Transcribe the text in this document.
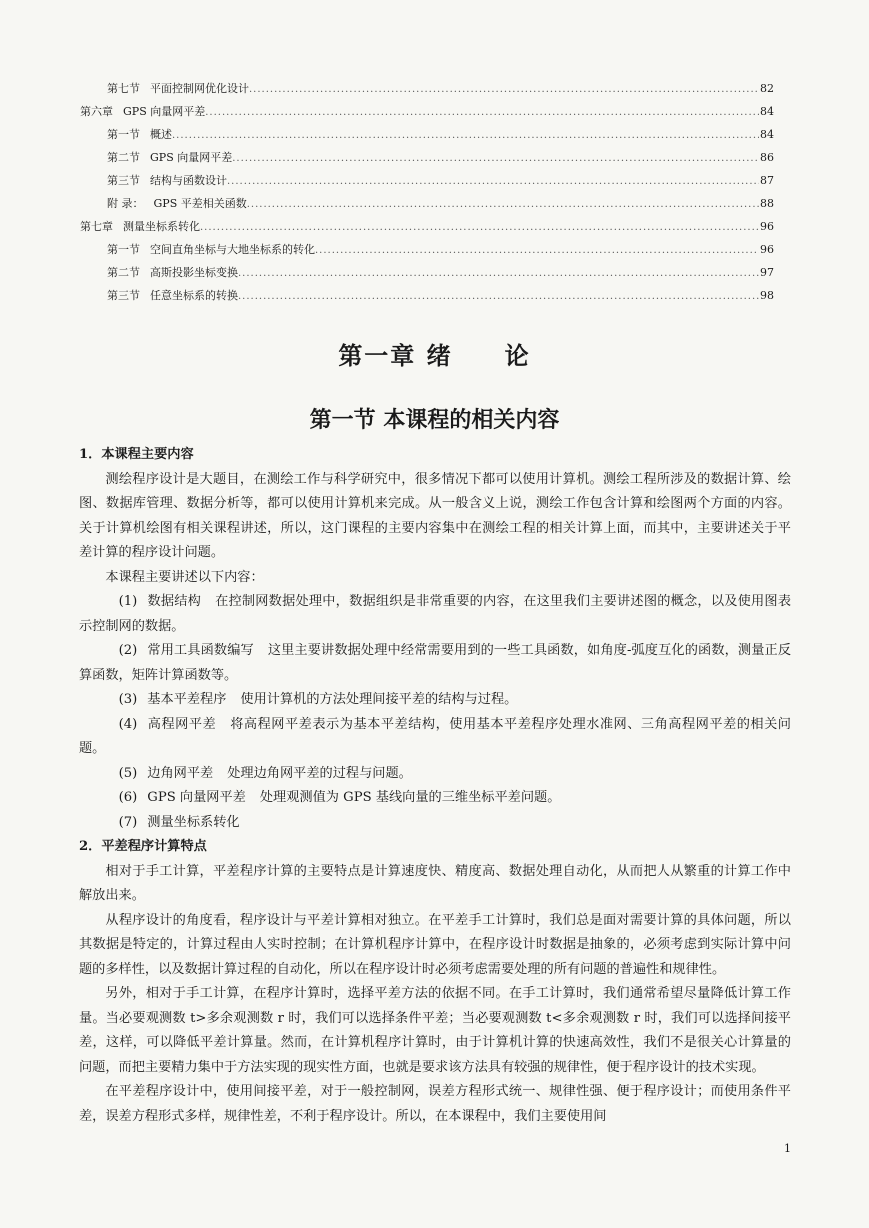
第七节 平面控制网优化设计 .....	82
第六章 GPS 向量网平差 .....	84
第一节 概述 .....	84
第二节 GPS 向量网平差 .....	86
第三节 结构与函数设计 .....	87
附 录： GPS 平差相关函数 .....	88
第七章 测量坐标系转化 .....	96
第一节 空间直角坐标与大地坐标系的转化 .....	96
第二节 高斯投影坐标变换 .....	97
第三节 任意坐标系的转换 .....	98
第一章 绪 论
第一节 本课程的相关内容

1．本课程主要内容

测绘程序设计是大题目，在测绘工作与科学研究中，很多情况下都可以使用计算机。测绘工程所涉及的数据计算、绘图、数据库管理、数据分析等，都可以使用计算机来完成。从一般含义上说，测绘工作包含计算和绘图两个方面的内容。关于计算机绘图有相关课程讲述，所以，这门课程的主要内容集中在测绘工程的相关计算上面，而其中，主要讲述关于平差计算的程序设计问题。

本课程主要讲述以下内容：

(1) 数据结构 在控制网数据处理中，数据组织是非常重要的内容，在这里我们主要讲述图的概念，以及使用图表示控制网的数据。

(2) 常用工具函数编写 这里主要讲数据处理中经常需要用到的一些工具函数，如角度-弧度互化的函数，测量正反算函数，矩阵计算函数等。

(3) 基本平差程序 使用计算机的方法处理间接平差的结构与过程。

(4) 高程网平差 将高程网平差表示为基本平差结构，使用基本平差程序处理水准网、三角高程网平差的相关问题。

(5) 边角网平差 处理边角网平差的过程与问题。

(6) GPS 向量网平差 处理观测值为 GPS 基线向量的三维坐标平差问题。

(7) 测量坐标系转化

2．平差程序计算特点

相对于手工计算，平差程序计算的主要特点是计算速度快、精度高、数据处理自动化，从而把人从繁重的计算工作中解放出来。

从程序设计的角度看，程序设计与平差计算相对独立。在平差手工计算时，我们总是面对需要计算的具体问题，所以其数据是特定的，计算过程由人实时控制；在计算机程序计算中，在程序设计时数据是抽象的，必须考虑到实际计算中问题的多样性，以及数据计算过程的自动化，所以在程序设计时必须考虑需要处理的所有问题的普遍性和规律性。

另外，相对于手工计算，在程序计算时，选择平差方法的依据不同。在手工计算时，我们通常希望尽量降低计算工作量。当必要观测数 t>多余观测数 r 时，我们可以选择条件平差；当必要观测数 t<多余观测数 r 时，我们可以选择间接平差，这样，可以降低平差计算量。然而，在计算机程序计算时，由于计算机计算的快速高效性，我们不是很关心计算量的问题，而把主要精力集中于方法实现的现实性方面，也就是要求该方法具有较强的规律性，便于程序设计的技术实现。

在平差程序设计中，使用间接平差，对于一般控制网，误差方程形式统一、规律性强、便于程序设计；而使用条件平差，误差方程形式多样，规律性差，不利于程序设计。所以，在本课程中，我们主要使用间

1
